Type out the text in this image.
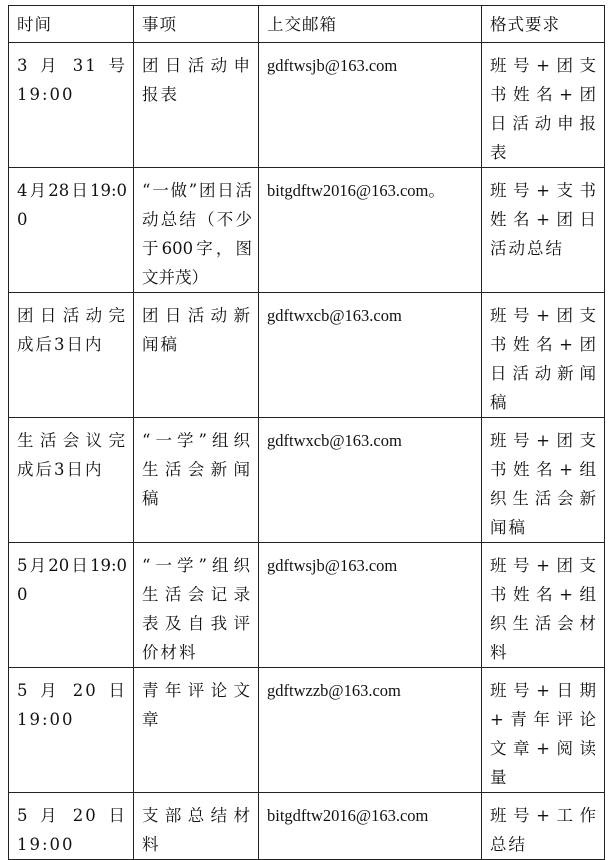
时间	事项	上交邮箱	格式要求
3 月 31 号 19:00	团日活动申报表	gdftwsjb@163.com	班号+团支书姓名+团日活动申报表
4月28日19:00	“一做”团日活动总结（不少于600字，图文并茂）	bitgdftw2016@163.com。	班号+支书姓名+团日活动总结
团日活动完成后3日内	团日活动新闻稿	gdftwxcb@163.com	班号+团支书姓名+团日活动新闻稿
生活会议完成后3日内	“一学”组织生活会新闻稿	gdftwxcb@163.com	班号+团支书姓名+组织生活会新闻稿
5月20日19:00	“一学”组织生活会记录表及自我评价材料	gdftwsjb@163.com	班号+团支书姓名+组织生活会材料
5 月 20 日 19:00	青年评论文章	gdftwzzb@163.com	班号+日期+青年评论文章+阅读量
5 月 20 日 19:00	支部总结材料	bitgdftw2016@163.com	班号+工作总结
